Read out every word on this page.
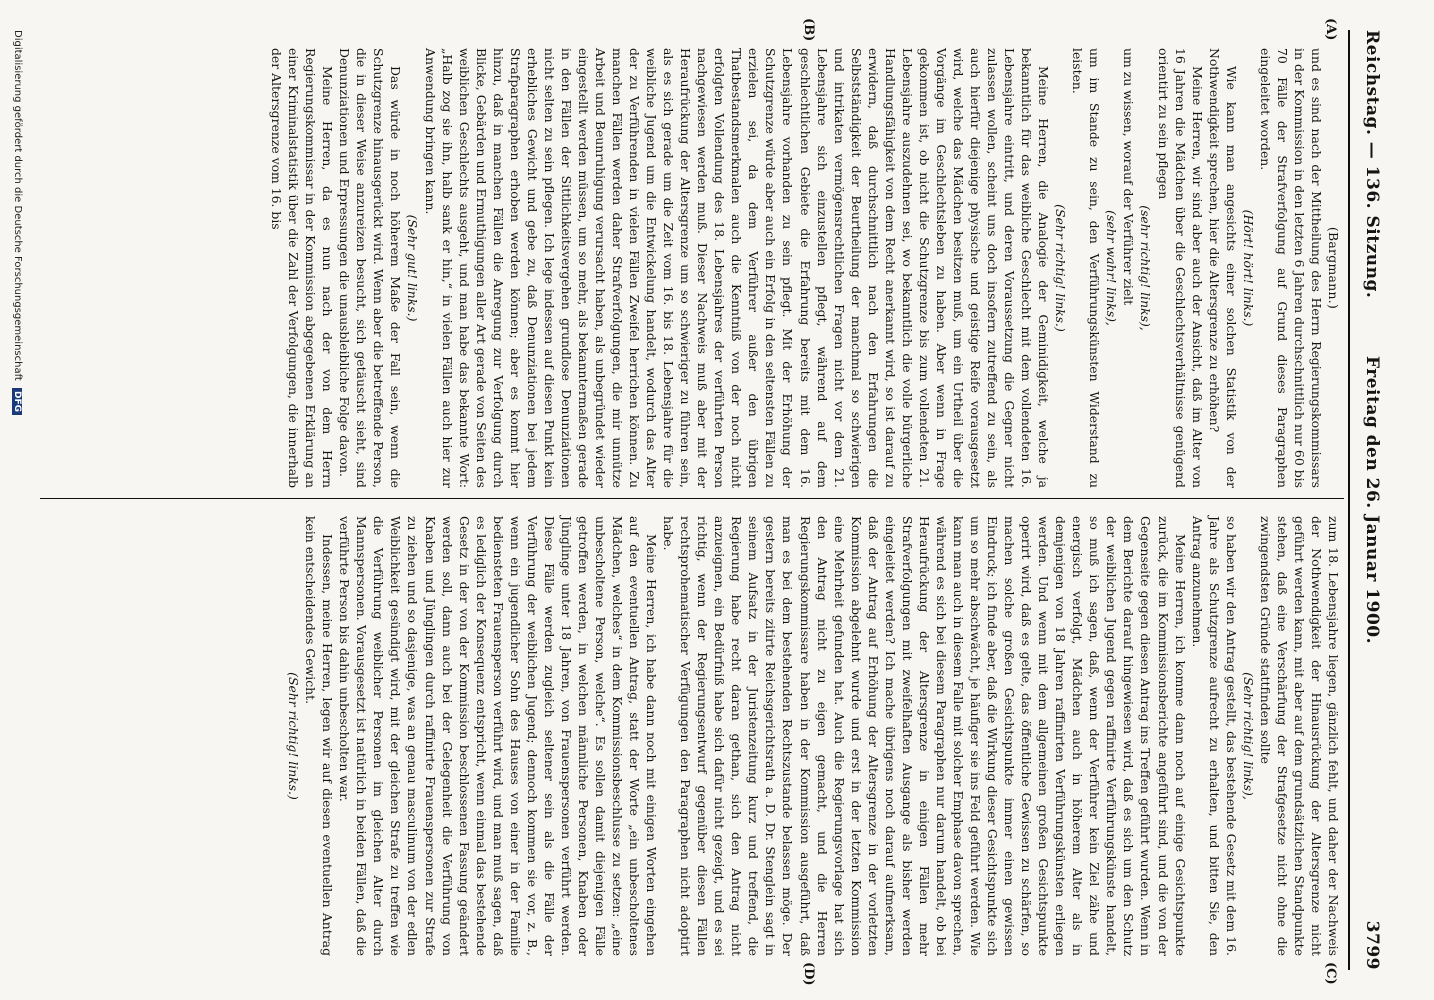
Reichstag. — 136. Sitzung.
Freitag den 26. Januar 1900.
3799
(A)
(B)
(C)
(D)

(Bargmann.)

und es sind nach der Mittheilung des Herrn Regierungskommissars in der Kommission in den letzten 6 Jahren durchschnittlich nur 60 bis 70 Fälle der Strafverfolgung auf Grund dieses Paragraphen eingeleitet worden.

(Hört! hört! links.)

Wie kann man angesichts einer solchen Statistik von der Nothwendigkeit sprechen, hier die Altersgrenze zu erhöhen?

Meine Herren, wir sind aber auch der Ansicht, daß im Alter von 16 Jahren die Mädchen über die Geschlechtsverhältnisse genügend orientirt zu sein pflegen

(sehr richtig! links),

um zu wissen, worauf der Verführer zielt

(sehr wahr! links),

um im Stande zu sein, den Verführungskünsten Widerstand zu leisten.

(Sehr richtig! links.)

Meine Herren, die Analogie der Geminidigkeit, welche ja bekanntlich für das weibliche Geschlecht mit dem vollendeten 16. Lebensjahre eintritt, und deren Voraussetzung die Gegner nicht zulassen wollen, scheint uns doch insofern zutreffend zu sein, als auch hierfür diejenige physische und geistige Reife vorausgesetzt wird, welche das Mädchen besitzen muß, um ein Urtheil über die Vorgänge im Geschlechtsleben zu haben. Aber wenn in Frage gekommen ist, ob nicht die Schutzgrenze bis zum vollendeten 21. Lebensjahre auszudehnen sei, wo bekanntlich die volle bürgerliche Handlungsfähigkeit von dem Recht anerkannt wird, so ist darauf zu erwidern, daß durchschnittlich nach den Erfahrungen die Selbstständigkeit der Beurtheilung der manchmal so schwierigen und intrikaten vermögensrechtlichen Fragen nicht vor dem 21. Lebensjahre sich einzustellen pflegt, während auf dem geschlechtlichen Gebiete die Erfahrung bereits mit dem 16. Lebensjahre vorhanden zu sein pflegt. Mit der Erhöhung der Schutzgrenze würde aber auch ein Erfolg in den seltensten Fällen zu erzielen sei, da dem Verführer außer den übrigen Thatbestandsmerkmalen auch die Kenntniß von der noch nicht erfolgten Vollendung des 18. Lebensjahres der verführten Person nachgewiesen werden muß. Dieser Nachweis muß aber mit der Heraufrückung der Altersgrenze um so schwieriger zu führen sein, als es sich gerade um die Zeit vom 16. bis 18. Lebensjahre für die weibliche Jugend um die Entwickelung handelt, wodurch das Alter der zu Verführenden in vielen Fällen Zweifel herrichen können. Zu manchen Fällen werden daher Strafverfolgungen, die mir unnütze Arbeit und Beunruhigung verursacht haben, als unbegründet wieder eingestellt werden müssen, um so mehr, als bekanntermaßen gerade in den Fällen der Sittlichkeitsvergehen grundlose Denunziationen nicht selten zu sein pflegen. Ich lege indessen auf diesen Punkt kein erhebliches Gewicht und gebe zu, daß Denunziationen bei jedem Strafparagraphen erhoben werden können; aber es kommt hier hinzu, daß in manchen Fällen die Anregung zur Verfolgung durch Blicke, Gebärden und Ermuthigungen aller Art gerade von Seiten des weiblichen Geschlechts ausgeht, und man habe das bekannte Wort: „Halb zog sie ihn, halb sank er hin,“ in vielen Fällen auch hier zur Anwendung bringen kann.

(Sehr gut! links.)

Das würde in noch höherem Maße der Fall sein, wenn die Schutzgrenze hinausgerückt wird. Wenn aber die betreffende Person, die in dieser Weise anzureizen besucht, sich getäuscht sieht, sind Denunziationen und Erpressungen die unausbleibliche Folge davon.

Meine Herren, da es nun nach der von dem Herrn Regierungskommissar in der Kommission abgegebenen Erklärung an einer Kriminalstatistik über die Zahl der Verfolgungen, die innerhalb der Altersgrenze vom 16. bis

zum 18. Lebensjahre liegen, gänzlich fehlt, und daher der Nachweis der Nothwendigkeit der Hinausrückung der Altersgrenze nicht geführt werden kann, mit aber auf dem grundsätzlichen Standpunkte stehen, daß eine Verschärfung der Strafgesetze nicht ohne die zwingendsten Gründe stattfinden sollte

(Sehr richtig! links),

so haben wir den Antrag gestellt, das bestehende Gesetz mit dem 16. Jahre als Schutzgrenze aufrecht zu erhalten, und bitten Sie, den Antrag anzunehmen.

Meine Herren, ich komme dann noch auf einige Gesichtspunkte zurück, die im Kommissionsberichte angeführt sind, und die von der Gegenseite gegen diesen Antrag ins Treffen geführt wurden. Wenn in dem Berichte darauf hingewiesen wird, daß es sich um den Schutz der weiblichen Jugend gegen raffinirte Verführungskünste handelt, so muß ich sagen, daß, wenn der Verführer kein Ziel zähe und energisch verfolgt, Mädchen auch in höherem Alter als in demjenigen von 18 Jahren raffinirten Verführungskünsten erliegen werden. Und wenn mit dem allgemeinen großen Gesichtspunkte operirt wird, daß es gelte, das öffentliche Gewissen zu schärfen, so machen solche großen Gesichtspunkte immer einen gewissen Eindruck; ich finde aber, daß die Wirkung dieser Gesichtspunkte sich um so mehr abschwächt, je häufiger sie ins Feld geführt werden. Wie kann man auch in diesem Falle mit solcher Emphase davon sprechen, während es sich bei diesem Paragraphen nur darum handelt, ob bei Heraufrückung der Altersgrenze in einigen Fällen mehr Strafverfolgungen mit zweifelhaften Ausgange als bisher werden eingeleitet werden? Ich mache übrigens noch darauf aufmerksam, daß der Antrag auf Erhöhung der Altersgrenze in der vorletzten Kommission abgelehnt wurde und erst in der letzten Kommission eine Mehrheit gefunden hat. Auch die Regierungsvorlage hat sich den Antrag nicht zu eigen gemacht, und die Herren Regierungskommissare haben in der Kommission ausgeführt, daß man es bei dem bestehenden Rechtszustande belassen möge. Der gestern bereits zitirte Reichsgerichtsrath a. D. Dr. Stenglein sagt in seinem Aufsatz in der Juristenzeitung kurz und treffend, die Regierung habe recht daran gethan, sich den Antrag nicht anzueignen, ein Bedürfniß habe sich dafür nicht gezeigt, und es sei richtig, wenn der Regierungsentwurf gegenüber diesen Fällen rechtsprohematischer Verfügungen den Paragraphen nicht adoptirt habe.

Meine Herren, ich habe dann noch mit einigen Worten eingehen auf den eventuellen Antrag, statt der Worte „ein unbescholtenes Mädchen, welches“ in dem Kommissionsbeschlusse zu setzen: „eine unbescholtene Person, welche“. Es sollen damit diejenigen Fälle getroffen werden, in welchen männliche Personen, Knaben oder Jünglinge unter 18 Jahren, von Frauenspersonen verführt werden. Diese Fälle werden zugleich seltener sein als die Fälle der Verführung der weiblichen Jugend; dennoch kommen sie vor, z. B., wenn ein jugendlicher Sohn des Hauses von einer in der Familie bediensteten Frauensperson verführt wird, und man muß sagen, daß es lediglich der Konsequenz entspricht, wenn einmal das bestehende Gesetz in der von der Kommission beschlossenen Fassung geändert werden soll, dann auch bei der Gelegenheit die Verführung von Knaben und Jünglingen durch raffinirte Frauenspersonen zur Strafe zu ziehen und so dasjenige, was an genau masculinum von der edlen Weiblichkeit gesündigt wird, mit der gleichen Strafe zu treffen wie die Verführung weiblicher Personen im gleichen Alter durch Mannspersonen. Vorausgesetzt ist natürlich in beiden Fällen, daß die verführte Person bis dahin unbescholten war.

Indessen, meine Herren, legen wir auf diesen eventuellen Antrag kein entscheidendes Gewicht.

(Sehr richtig! links.)

Digitalisierung gefördert durch die Deutsche Forschungsgemeinschaft DFG
